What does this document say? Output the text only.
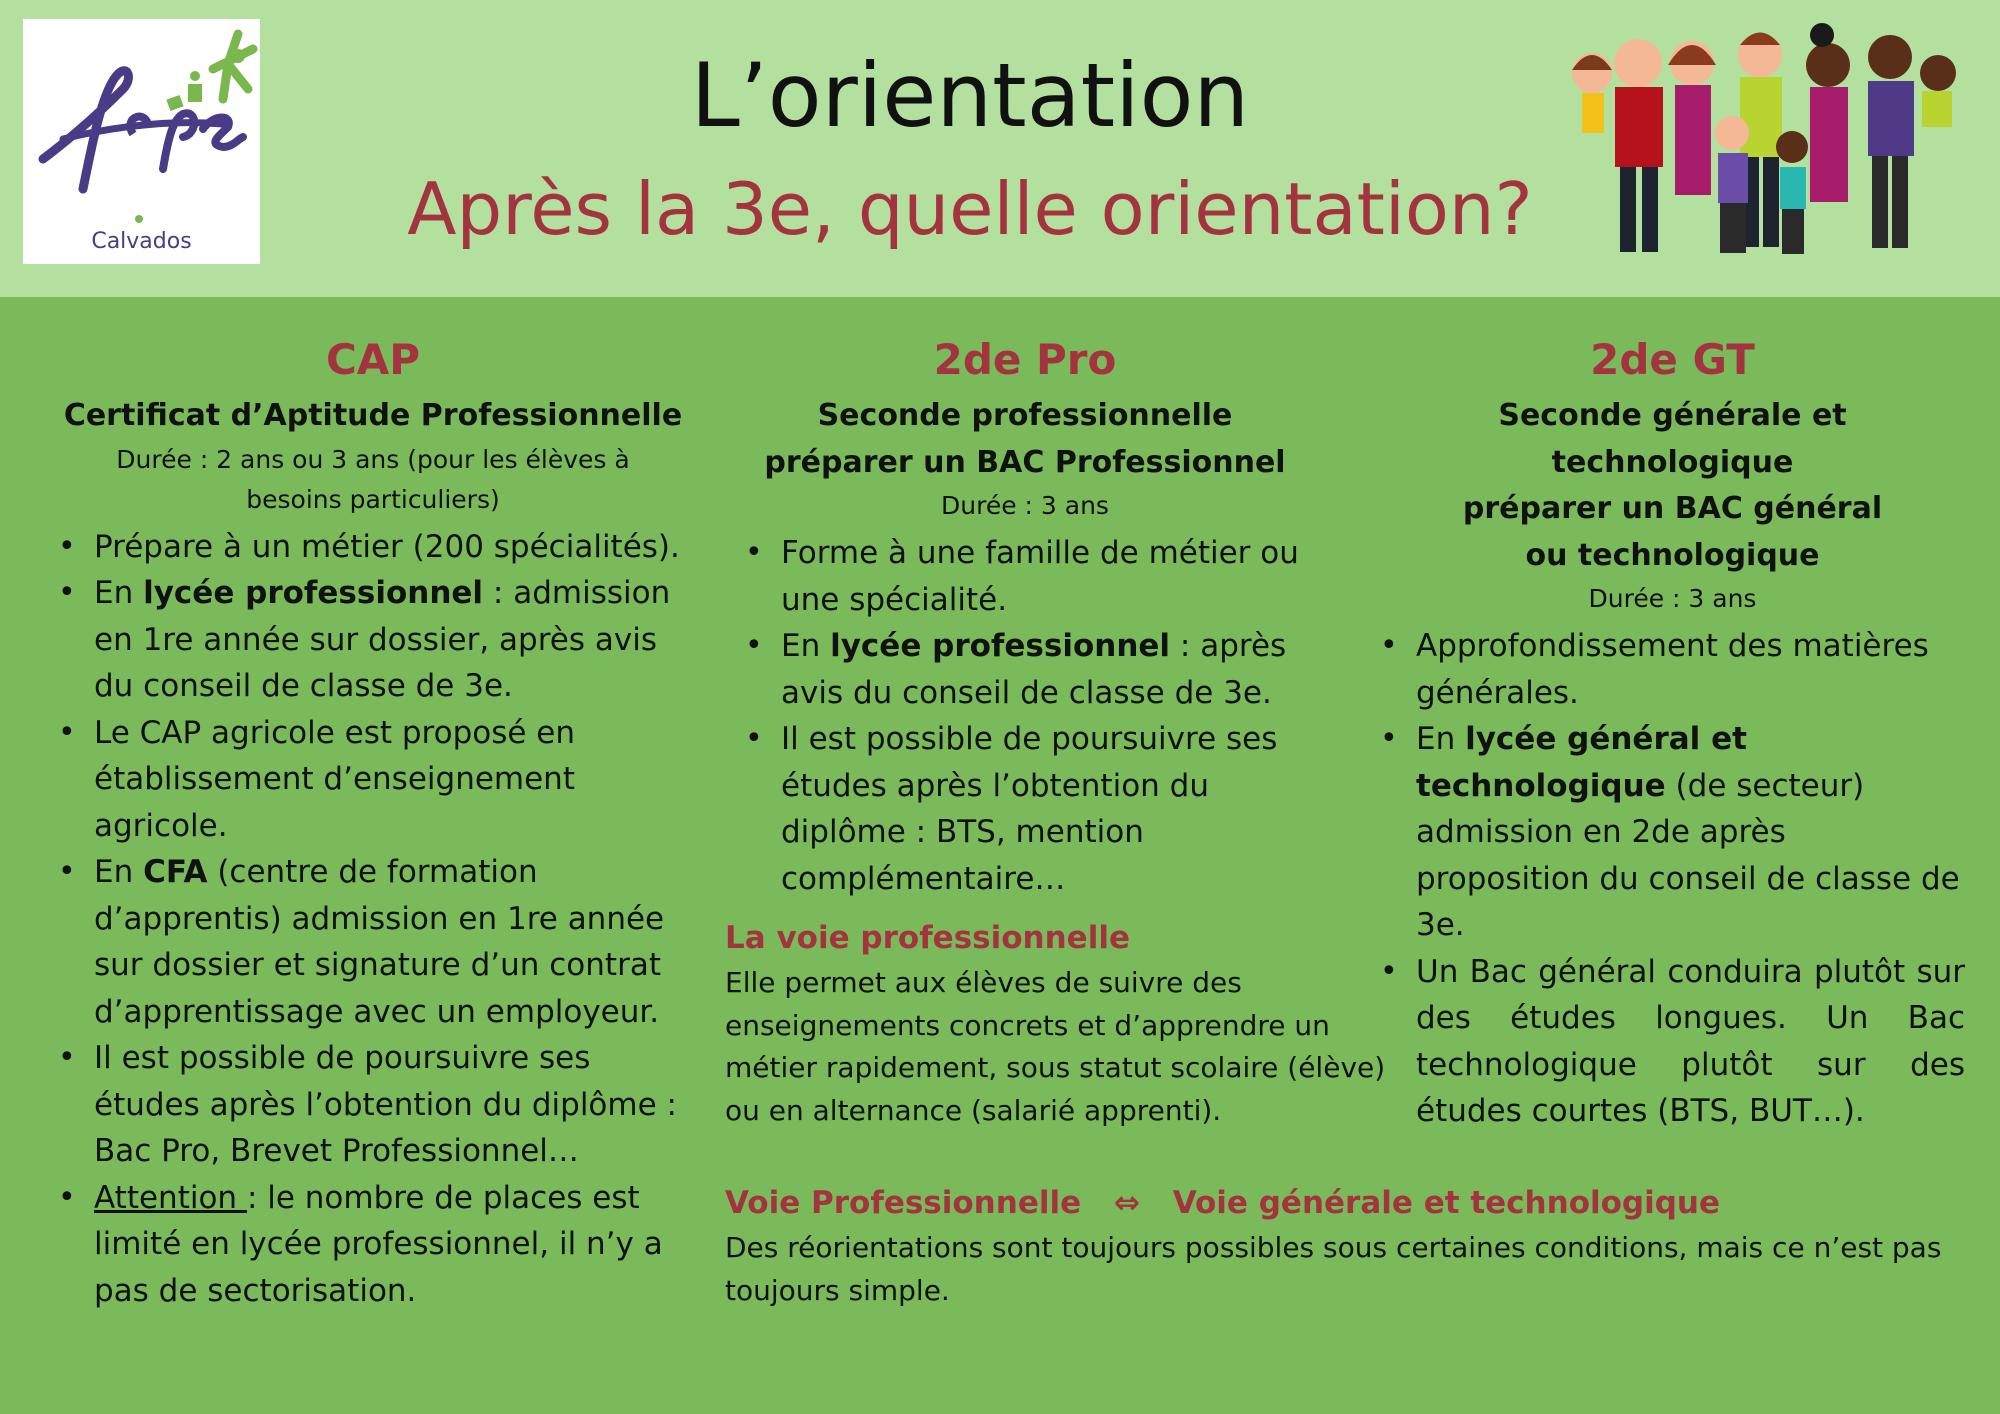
Calvados
L’orientation
Après la 3e, quelle orientation?
CAP
Certificat d’Aptitude Professionnelle
Durée : 2 ans ou 3 ans (pour les élèves à
besoins particuliers)
• Prépare à un métier (200 spécialités).
• En lycée professionnel : admission en 1re année sur dossier, après avis du conseil de classe de 3e.
• Le CAP agricole est proposé en établissement d’enseignement agricole.
• En CFA (centre de formation d’apprentis) admission en 1re année sur dossier et signature d’un contrat d’apprentissage avec un employeur.
• Il est possible de poursuivre ses études après l’obtention du diplôme : Bac Pro, Brevet Professionnel…
• Attention : le nombre de places est limité en lycée professionnel, il n’y a pas de sectorisation.
2de Pro
Seconde professionnelle
préparer un BAC Professionnel
Durée : 3 ans
• Forme à une famille de métier ou une spécialité.
• En lycée professionnel : après avis du conseil de classe de 3e.
• Il est possible de poursuivre ses études après l’obtention du diplôme : BTS, mention complémentaire…
2de GT
Seconde générale et technologique
préparer un BAC général
ou technologique
Durée : 3 ans
• Approfondissement des matières générales.
• En lycée général et technologique (de secteur) admission en 2de après proposition du conseil de classe de 3e.
• Un Bac général conduira plutôt sur des études longues. Un Bac technologique plutôt sur des études courtes (BTS, BUT…).
La voie professionnelle
Elle permet aux élèves de suivre des enseignements concrets et d’apprendre un métier rapidement, sous statut scolaire (élève) ou en alternance (salarié apprenti).
Voie Professionnelle ⇔ Voie générale et technologique
Des réorientations sont toujours possibles sous certaines conditions, mais ce n’est pas toujours simple.
